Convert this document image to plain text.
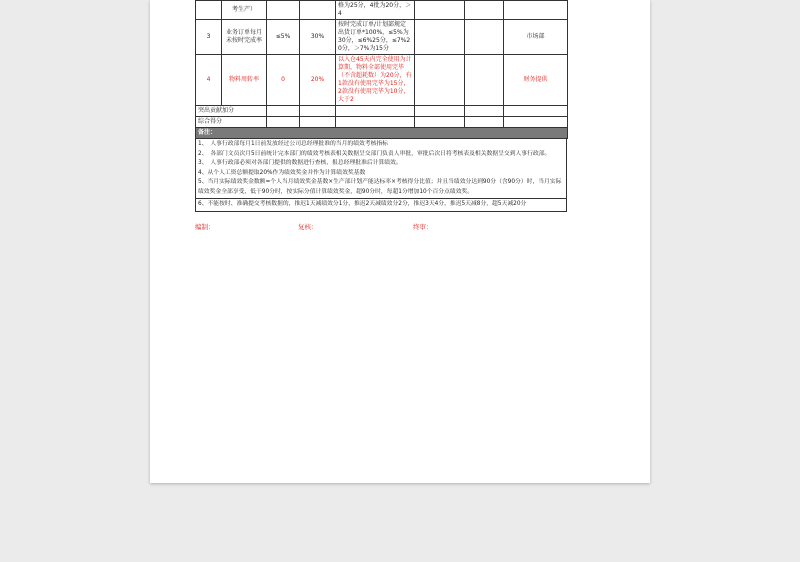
	考生产）			格为25分，4批为20分，＞4			
3	业务订单每月未按时完成率	≤5%	30%	按时完成订单/计划部规定出货订单*100%，≤5%为30分，≤6%25分，≤7%20分，＞7%为15分			市场部
4	物料周转率	0	20%	以入仓45天内完全使用为计算期，物料全部使用完毕（不含超耗数）为20分，有1款没有使用完毕为15分，2款没有使用完毕为10分，大于2			财务提供
突出贡献加分							
综合得分							
备注：							
1、　人事行政部每月1日前发放经过公司总经理批准的当月的绩效考核指标
2、　各部门文员次月5日前统计完本部门的绩效考核表相关数据呈交部门负责人审批，审批后次日将考核表及相关数据呈交到人事行政部。
3、　人事行政部必须对各部门提供的数据进行查核，报总经理批准后计算绩效。
4、从个人工资总额提取20%作为绩效奖金并作为计算绩效奖基数
5、当月实际绩效奖金数额=个人当月绩效奖金基数×生产部计划产能达标率×考核得分比值；并且当绩效分达到90分（含90分）时，当月实际绩效奖金全部享受，低于90分时，按实际分值计算绩效奖金，超90分时，每超1分增加10个百分点绩效奖。
6、不能按时、准确提交考核数据的，推迟1天减绩效分1分，推迟2天减绩效分2分，推迟3天4分，推迟5天减8分，超5天减20分
编制：	复核：	终审：
